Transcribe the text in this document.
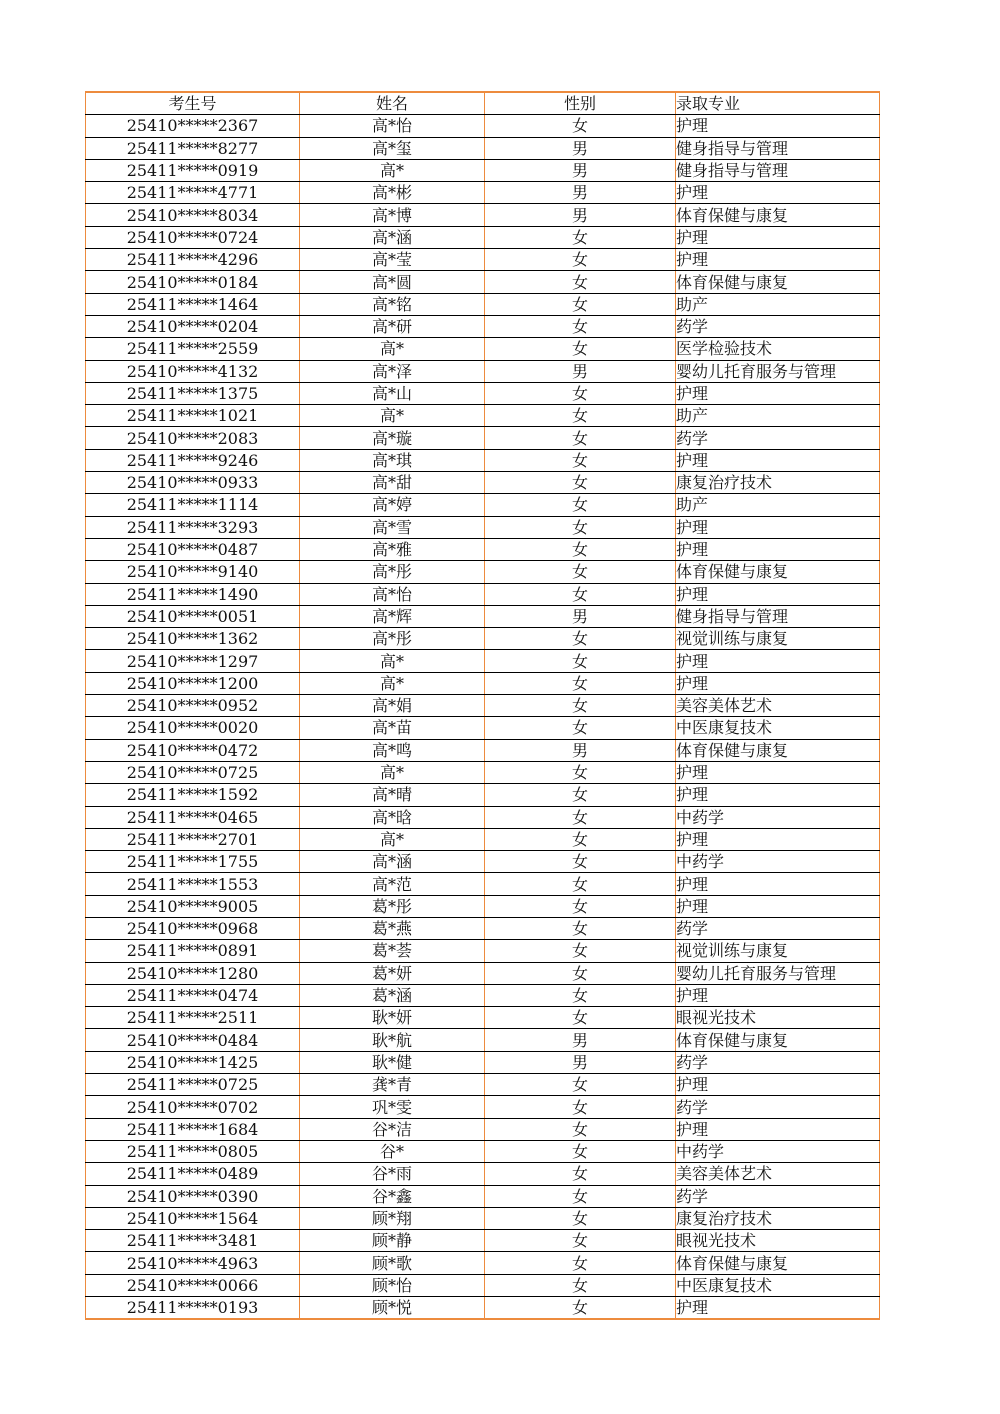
考生号	姓名	性别	录取专业
25410*****2367	高*怡	女	护理
25411*****8277	高*玺	男	健身指导与管理
25411*****0919	高*	男	健身指导与管理
25411*****4771	高*彬	男	护理
25410*****8034	高*博	男	体育保健与康复
25410*****0724	高*涵	女	护理
25411*****4296	高*莹	女	护理
25410*****0184	高*圆	女	体育保健与康复
25411*****1464	高*铭	女	助产
25410*****0204	高*研	女	药学
25411*****2559	高*	女	医学检验技术
25410*****4132	高*泽	男	婴幼儿托育服务与管理
25411*****1375	高*山	女	护理
25411*****1021	高*	女	助产
25410*****2083	高*璇	女	药学
25411*****9246	高*琪	女	护理
25410*****0933	高*甜	女	康复治疗技术
25411*****1114	高*婷	女	助产
25411*****3293	高*雪	女	护理
25410*****0487	高*雅	女	护理
25410*****9140	高*彤	女	体育保健与康复
25411*****1490	高*怡	女	护理
25410*****0051	高*辉	男	健身指导与管理
25410*****1362	高*彤	女	视觉训练与康复
25410*****1297	高*	女	护理
25410*****1200	高*	女	护理
25410*****0952	高*娟	女	美容美体艺术
25410*****0020	高*苗	女	中医康复技术
25410*****0472	高*鸣	男	体育保健与康复
25410*****0725	高*	女	护理
25411*****1592	高*晴	女	护理
25411*****0465	高*晗	女	中药学
25411*****2701	高*	女	护理
25411*****1755	高*涵	女	中药学
25411*****1553	高*范	女	护理
25410*****9005	葛*彤	女	护理
25410*****0968	葛*燕	女	药学
25411*****0891	葛*荟	女	视觉训练与康复
25410*****1280	葛*妍	女	婴幼儿托育服务与管理
25411*****0474	葛*涵	女	护理
25411*****2511	耿*妍	女	眼视光技术
25410*****0484	耿*航	男	体育保健与康复
25410*****1425	耿*健	男	药学
25411*****0725	龚*青	女	护理
25410*****0702	巩*雯	女	药学
25411*****1684	谷*洁	女	护理
25411*****0805	谷*	女	中药学
25411*****0489	谷*雨	女	美容美体艺术
25410*****0390	谷*鑫	女	药学
25410*****1564	顾*翔	女	康复治疗技术
25411*****3481	顾*静	女	眼视光技术
25410*****4963	顾*歌	女	体育保健与康复
25410*****0066	顾*怡	女	中医康复技术
25411*****0193	顾*悦	女	护理
